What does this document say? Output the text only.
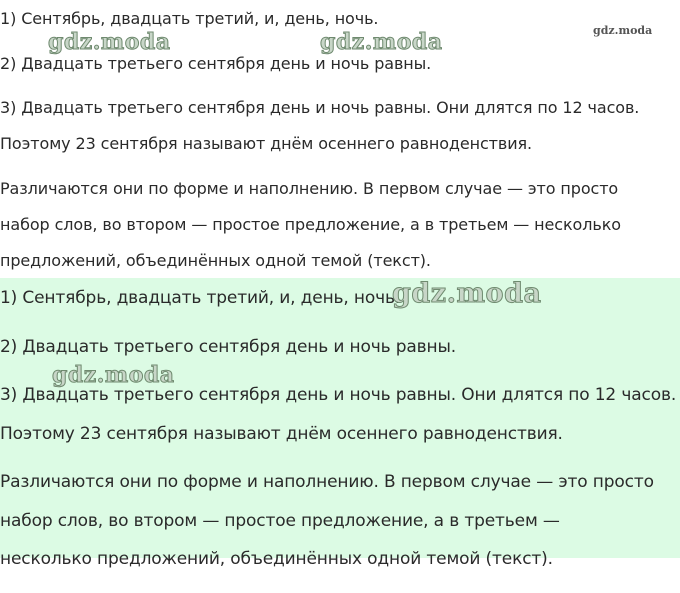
1) Сентябрь, двадцать третий, и, день, ночь.
2) Двадцать третьего сентября день и ночь равны.
3) Двадцать третьего сентября день и ночь равны. Они длятся по 12 часов.
Поэтому 23 сентября называют днём осеннего равноденствия.
Различаются они по форме и наполнению. В первом случае — это просто
набор слов, во втором — простое предложение, а в третьем — несколько
предложений, объединённых одной темой (текст).
1) Сентябрь, двадцать третий, и, день, ночь.
2) Двадцать третьего сентября день и ночь равны.
3) Двадцать третьего сентября день и ночь равны. Они длятся по 12 часов.
Поэтому 23 сентября называют днём осеннего равноденствия.
Различаются они по форме и наполнению. В первом случае — это просто
набор слов, во втором — простое предложение, а в третьем —
несколько предложений, объединённых одной темой (текст).
gdz.moda	gdz.moda	gdz.moda
gdz.moda
gdz.moda
